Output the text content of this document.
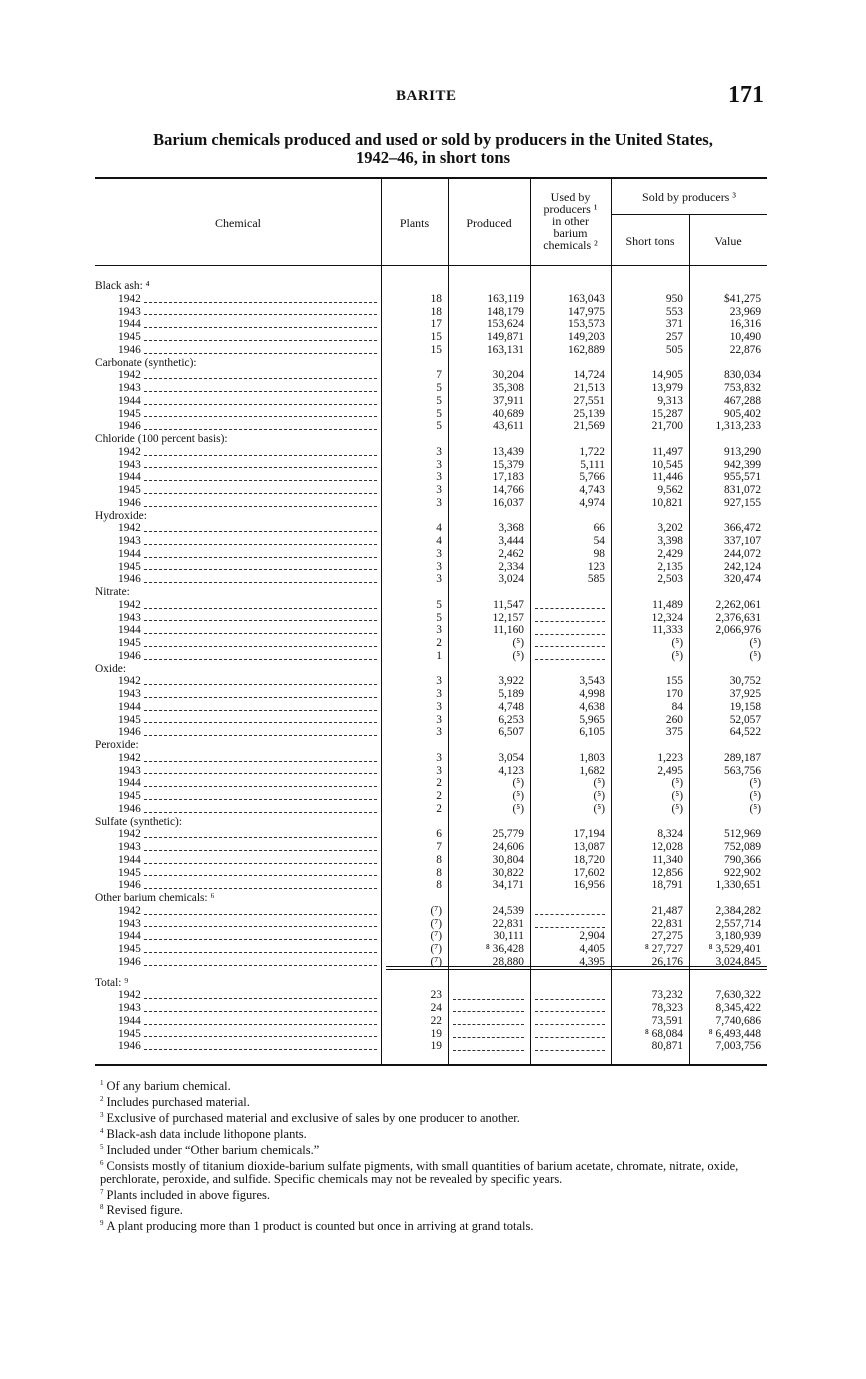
BARITE	171
Barium chemicals produced and used or sold by producers in the United States,
1942–46, in short tons
Chemical	Plants	Produced
Used by
producers ¹
in other
barium
chemicals ²
Sold by producers ³
Short tons	Value
Black ash: ⁴					
1942	18	163,119	163,043	950	$41,275
1943	18	148,179	147,975	553	23,969
1944	17	153,624	153,573	371	16,316
1945	15	149,871	149,203	257	10,490
1946	15	163,131	162,889	505	22,876
Carbonate (synthetic):					
1942	7	30,204	14,724	14,905	830,034
1943	5	35,308	21,513	13,979	753,832
1944	5	37,911	27,551	9,313	467,288
1945	5	40,689	25,139	15,287	905,402
1946	5	43,611	21,569	21,700	1,313,233
Chloride (100 percent basis):					
1942	3	13,439	1,722	11,497	913,290
1943	3	15,379	5,111	10,545	942,399
1944	3	17,183	5,766	11,446	955,571
1945	3	14,766	4,743	9,562	831,072
1946	3	16,037	4,974	10,821	927,155
Hydroxide:					
1942	4	3,368	66	3,202	366,472
1943	4	3,444	54	3,398	337,107
1944	3	2,462	98	2,429	244,072
1945	3	2,334	123	2,135	242,124
1946	3	3,024	585	2,503	320,474
Nitrate:					
1942	5	11,547		11,489	2,262,061
1943	5	12,157		12,324	2,376,631
1944	3	11,160		11,333	2,066,976
1945	2	(⁵)		(⁵)	(⁵)
1946	1	(⁵)		(⁵)	(⁵)
Oxide:					
1942	3	3,922	3,543	155	30,752
1943	3	5,189	4,998	170	37,925
1944	3	4,748	4,638	84	19,158
1945	3	6,253	5,965	260	52,057
1946	3	6,507	6,105	375	64,522
Peroxide:					
1942	3	3,054	1,803	1,223	289,187
1943	3	4,123	1,682	2,495	563,756
1944	2	(⁵)	(⁵)	(⁵)	(⁵)
1945	2	(⁵)	(⁵)	(⁵)	(⁵)
1946	2	(⁵)	(⁵)	(⁵)	(⁵)
Sulfate (synthetic):					
1942	6	25,779	17,194	8,324	512,969
1943	7	24,606	13,087	12,028	752,089
1944	8	30,804	18,720	11,340	790,366
1945	8	30,822	17,602	12,856	922,902
1946	8	34,171	16,956	18,791	1,330,651
Other barium chemicals: ⁶					
1942	(⁷)	24,539		21,487	2,384,282
1943	(⁷)	22,831		22,831	2,557,714
1944	(⁷)	30,111	2,904	27,275	3,180,939
1945	(⁷)	⁸ 36,428	4,405	⁸ 27,727	⁸ 3,529,401
1946	(⁷)	28,880	4,395	26,176	3,024,845

Total: ⁹					
1942	23			73,232	7,630,322
1943	24			78,323	8,345,422
1944	22			73,591	7,740,686
1945	19			⁸ 68,084	⁸ 6,493,448
1946	19			80,871	7,003,756

$^1$ Of any barium chemical.

$^2$ Includes purchased material.

$^3$ Exclusive of purchased material and exclusive of sales by one producer to another.

$^4$ Black-ash data include lithopone plants.

$^5$ Included under “Other barium chemicals.”

$^6$ Consists mostly of titanium dioxide-barium sulfate pigments, with small quantities of barium acetate, chromate, nitrate, oxide, perchlorate, peroxide, and sulfide. Specific chemicals may not be revealed by specific years.

$^7$ Plants included in above figures.

$^8$ Revised figure.

$^9$ A plant producing more than 1 product is counted but once in arriving at grand totals.
